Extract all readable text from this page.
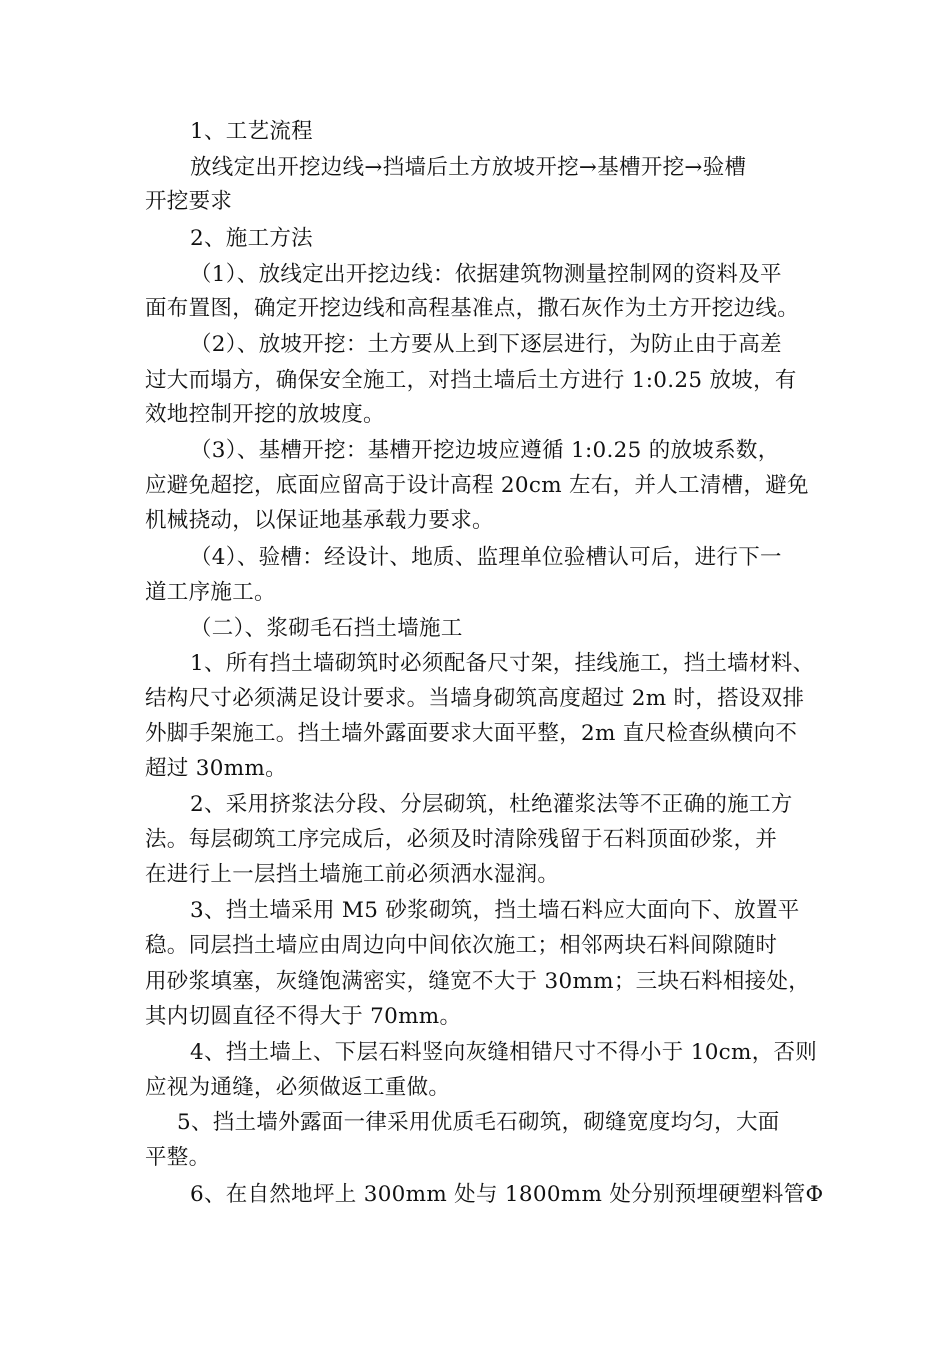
1、工艺流程
放线定出开挖边线→挡墙后土方放坡开挖→基槽开挖→验槽
开挖要求
2、施工方法
（1）、放线定出开挖边线：依据建筑物测量控制网的资料及平
面布置图，确定开挖边线和高程基准点，撒石灰作为土方开挖边线。
（2）、放坡开挖：土方要从上到下逐层进行，为防止由于高差
过大而塌方，确保安全施工，对挡土墙后土方进行 1:0.25 放坡，有
效地控制开挖的放坡度。
（3）、基槽开挖：基槽开挖边坡应遵循 1:0.25 的放坡系数，
应避免超挖，底面应留高于设计高程 20cm 左右，并人工清槽，避免
机械挠动，以保证地基承载力要求。
（4）、验槽：经设计、地质、监理单位验槽认可后，进行下一
道工序施工。
（二）、浆砌毛石挡土墙施工
1、所有挡土墙砌筑时必须配备尺寸架，挂线施工，挡土墙材料、
结构尺寸必须满足设计要求。当墙身砌筑高度超过 2m 时，搭设双排
外脚手架施工。挡土墙外露面要求大面平整，2m 直尺检查纵横向不
超过 30mm。
2、采用挤浆法分段、分层砌筑，杜绝灌浆法等不正确的施工方
法。每层砌筑工序完成后，必须及时清除残留于石料顶面砂浆，并
在进行上一层挡土墙施工前必须洒水湿润。
3、挡土墙采用 M5 砂浆砌筑，挡土墙石料应大面向下、放置平
稳。同层挡土墙应由周边向中间依次施工；相邻两块石料间隙随时
用砂浆填塞，灰缝饱满密实，缝宽不大于 30mm；三块石料相接处，
其内切圆直径不得大于 70mm。
4、挡土墙上、下层石料竖向灰缝相错尺寸不得小于 10cm，否则
应视为通缝，必须做返工重做。
5、挡土墙外露面一律采用优质毛石砌筑，砌缝宽度均匀，大面
平整。
6、在自然地坪上 300mm 处与 1800mm 处分别预埋硬塑料管Φ
